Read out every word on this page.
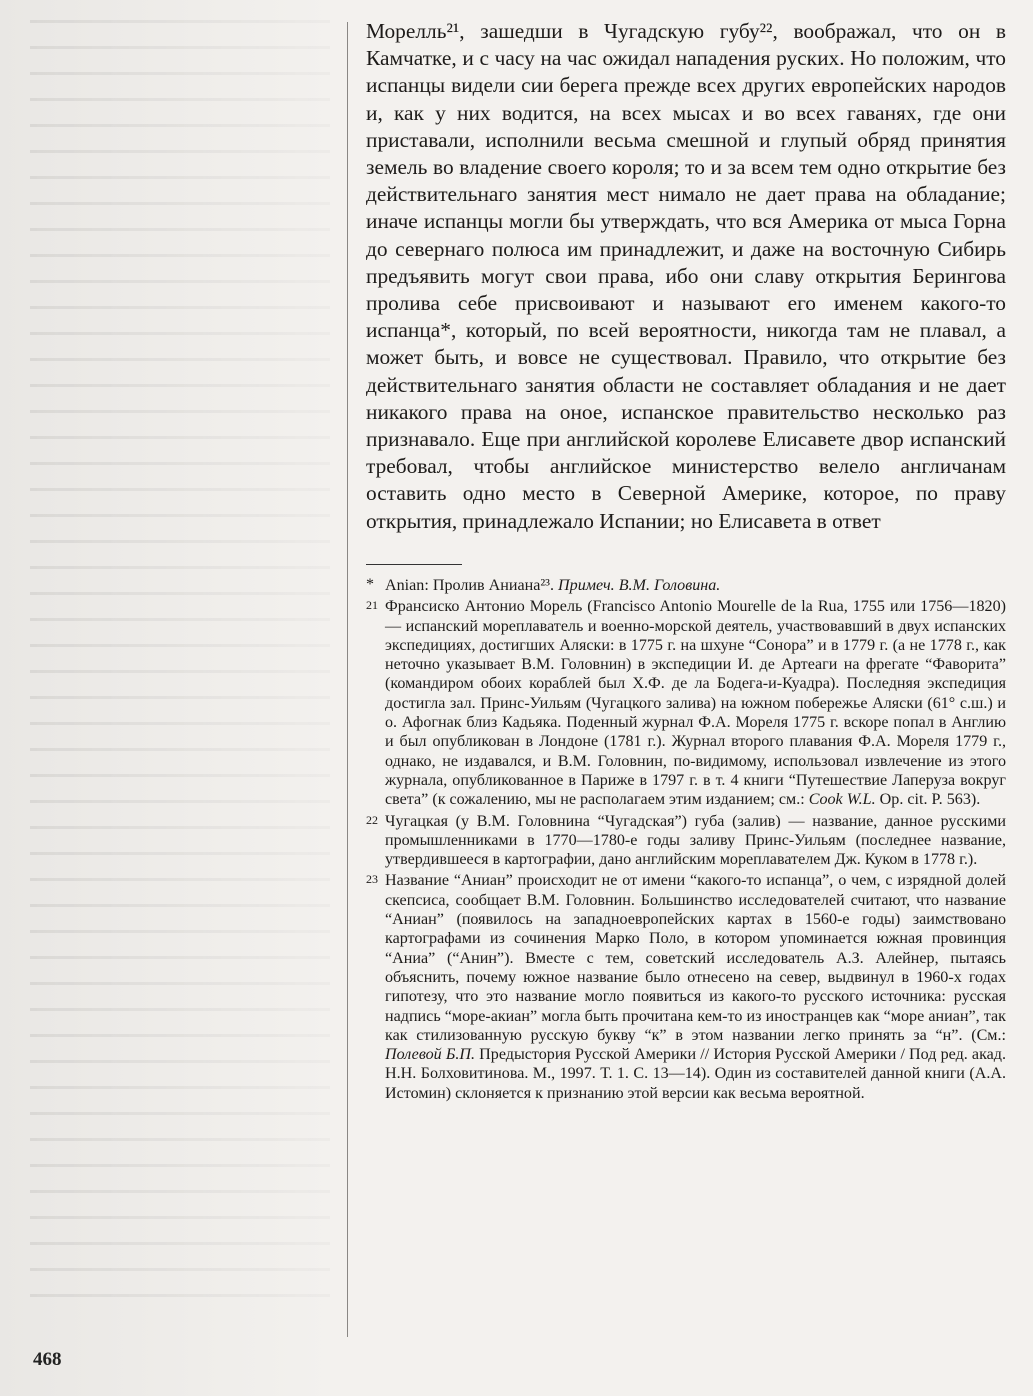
Морелль²¹, зашедши в Чугадскую губу²², воображал, что он в Камчатке, и с часу на час ожидал нападения руских. Но положим, что испанцы видели сии берега прежде всех других европейских народов и, как у них водится, на всех мысах и во всех гаванях, где они приставали, исполнили весьма смешной и глупый обряд принятия земель во владение своего короля; то и за всем тем одно открытие без действительнаго занятия мест нимало не дает права на обладание; иначе испанцы могли бы утверждать, что вся Америка от мыса Горна до севернаго полюса им принадлежит, и даже на восточную Сибирь предъявить могут свои права, ибо они славу открытия Берингова пролива себе присвоивают и называют его именем какого-то испанца*, который, по всей вероятности, никогда там не плавал, а может быть, и вовсе не существовал. Правило, что открытие без действительнаго занятия области не составляет обладания и не дает никакого права на оное, испанское правительство несколько раз признавало. Еще при английской королеве Елисавете двор испанский требовал, чтобы английское министерство велело англичанам оставить одно место в Северной Америке, которое, по праву открытия, принадлежало Испании; но Елисавета в ответ

* Anian: Пролив Аниана²³. Примеч. В.М. Головина.

21 Франсиско Антонио Морель (Francisco Antonio Mourelle de la Rua, 1755 или 1756—1820) — испанский мореплаватель и военно-морской деятель, участвовавший в двух испанских экспедициях, достигших Аляски: в 1775 г. на шхуне “Сонора” и в 1779 г. (а не 1778 г., как неточно указывает В.М. Головнин) в экспедиции И. де Артеаги на фрегате “Фаворита” (командиром обоих кораблей был Х.Ф. де ла Бодега-и-Куадра). Последняя экспедиция достигла зал. Принс-Уильям (Чугацкого залива) на южном побережье Аляски (61° с.ш.) и о. Афогнак близ Кадьяка. Поденный журнал Ф.А. Мореля 1775 г. вскоре попал в Англию и был опубликован в Лондоне (1781 г.). Журнал второго плавания Ф.А. Мореля 1779 г., однако, не издавался, и В.М. Головнин, по-видимому, использовал извлечение из этого журнала, опубликованное в Париже в 1797 г. в т. 4 книги “Путешествие Лаперуза вокруг света” (к сожалению, мы не располагаем этим изданием; см.: Cook W.L. Op. cit. P. 563).

22 Чугацкая (у В.М. Головнина “Чугадская”) губа (залив) — название, данное русскими промышленниками в 1770—1780-е годы заливу Принс-Уильям (последнее название, утвердившееся в картографии, дано английским мореплавателем Дж. Куком в 1778 г.).

23 Название “Аниан” происходит не от имени “какого-то испанца”, о чем, с изрядной долей скепсиса, сообщает В.М. Головнин. Большинство исследователей считают, что название “Аниан” (появилось на западноевропейских картах в 1560-е годы) заимствовано картографами из сочинения Марко Поло, в котором упоминается южная провинция “Аниа” (“Анин”). Вместе с тем, советский исследователь А.З. Алейнер, пытаясь объяснить, почему южное название было отнесено на север, выдвинул в 1960-х годах гипотезу, что это название могло появиться из какого-то русского источника: русская надпись “море-акиан” могла быть прочитана кем-то из иностранцев как “море аниан”, так как стилизованную русскую букву “к” в этом названии легко принять за “н”. (См.: Полевой Б.П. Предыстория Русской Америки // История Русской Америки / Под ред. акад. Н.Н. Болховитинова. М., 1997. Т. 1. С. 13—14). Один из составителей данной книги (А.А. Истомин) склоняется к признанию этой версии как весьма вероятной.

468
